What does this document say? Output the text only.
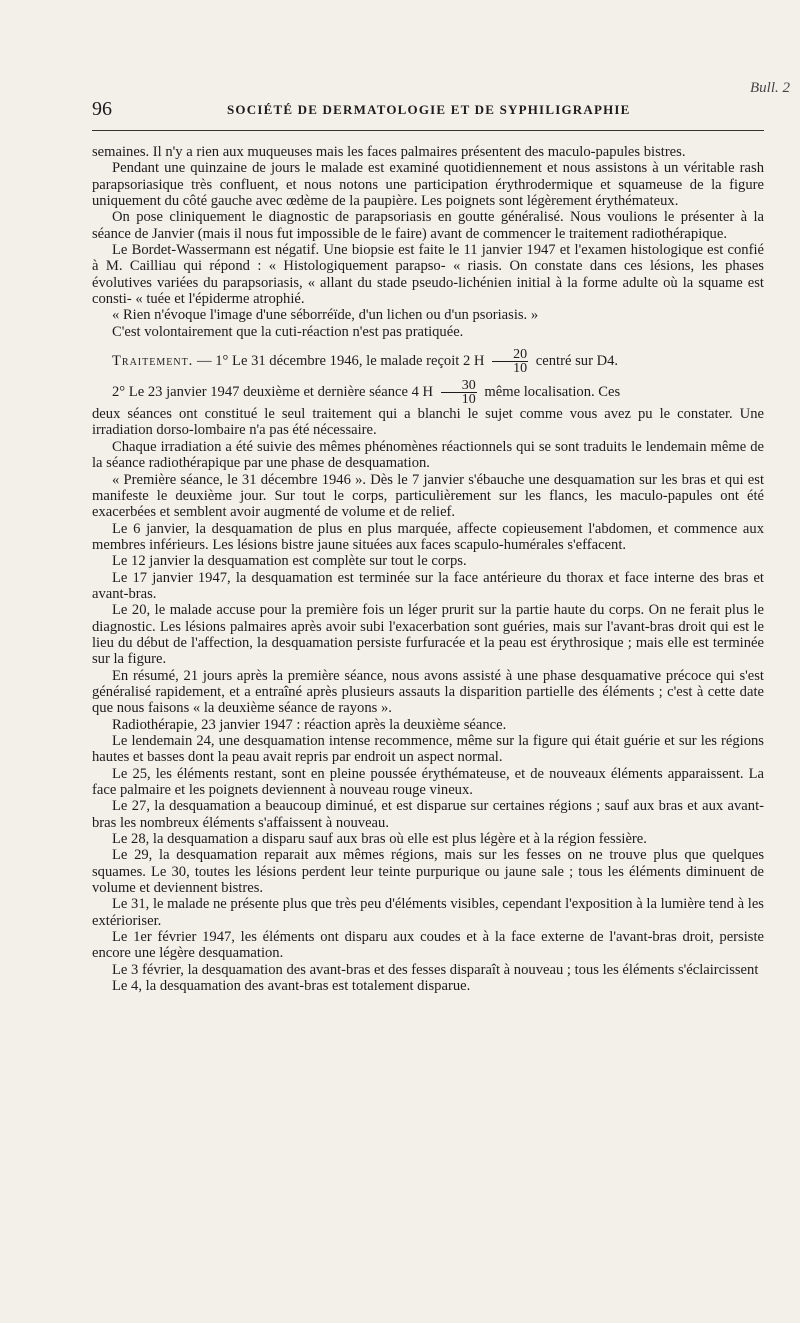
Bull. 2
96	SOCIÉTÉ DE DERMATOLOGIE ET DE SYPHILIGRAPHIE

semaines. Il n'y a rien aux muqueuses mais les faces palmaires présentent des maculo-papules bistres.

Pendant une quinzaine de jours le malade est examiné quotidiennement et nous assistons à un véritable rash parapsoriasique très confluent, et nous notons une participation érythrodermique et squameuse de la figure uniquement du côté gauche avec œdème de la paupière. Les poignets sont légèrement érythémateux.

On pose cliniquement le diagnostic de parapsoriasis en goutte généralisé. Nous voulions le présenter à la séance de Janvier (mais il nous fut impossible de le faire) avant de commencer le traitement radiothérapique.

Le Bordet-Wassermann est négatif. Une biopsie est faite le 11 janvier 1947 et l'examen histologique est confié à M. Cailliau qui répond : « Histologiquement parapso- « riasis. On constate dans ces lésions, les phases évolutives variées du parapsoriasis, « allant du stade pseudo-lichénien initial à la forme adulte où la squame est consti- « tuée et l'épiderme atrophié.

« Rien n'évoque l'image d'une séborréïde, d'un lichen ou d'un psoriasis. »

C'est volontairement que la cuti-réaction n'est pas pratiquée.

Traitement. — 1° Le 31 décembre 1946, le malade reçoit 2 H $\frac{20}{10}$ centré sur D4.

2° Le 23 janvier 1947 deuxième et dernière séance 4 H $\frac{30}{10}$ même localisation. Ces

deux séances ont constitué le seul traitement qui a blanchi le sujet comme vous avez pu le constater. Une irradiation dorso-lombaire n'a pas été nécessaire.

Chaque irradiation a été suivie des mêmes phénomènes réactionnels qui se sont traduits le lendemain même de la séance radiothérapique par une phase de desquamation.

« Première séance, le 31 décembre 1946 ». Dès le 7 janvier s'ébauche une desquamation sur les bras et qui est manifeste le deuxième jour. Sur tout le corps, particulièrement sur les flancs, les maculo-papules ont été exacerbées et semblent avoir augmenté de volume et de relief.

Le 6 janvier, la desquamation de plus en plus marquée, affecte copieusement l'abdomen, et commence aux membres inférieurs. Les lésions bistre jaune situées aux faces scapulo-humérales s'effacent.

Le 12 janvier la desquamation est complète sur tout le corps.

Le 17 janvier 1947, la desquamation est terminée sur la face antérieure du thorax et face interne des bras et avant-bras.

Le 20, le malade accuse pour la première fois un léger prurit sur la partie haute du corps. On ne ferait plus le diagnostic. Les lésions palmaires après avoir subi l'exacerbation sont guéries, mais sur l'avant-bras droit qui est le lieu du début de l'affection, la desquamation persiste furfuracée et la peau est érythrosique ; mais elle est terminée sur la figure.

En résumé, 21 jours après la première séance, nous avons assisté à une phase desquamative précoce qui s'est généralisé rapidement, et a entraîné après plusieurs assauts la disparition partielle des éléments ; c'est à cette date que nous faisons « la deuxième séance de rayons ».

Radiothérapie, 23 janvier 1947 : réaction après la deuxième séance.

Le lendemain 24, une desquamation intense recommence, même sur la figure qui était guérie et sur les régions hautes et basses dont la peau avait repris par endroit un aspect normal.

Le 25, les éléments restant, sont en pleine poussée érythémateuse, et de nouveaux éléments apparaissent. La face palmaire et les poignets deviennent à nouveau rouge vineux.

Le 27, la desquamation a beaucoup diminué, et est disparue sur certaines régions ; sauf aux bras et aux avant-bras les nombreux éléments s'affaissent à nouveau.

Le 28, la desquamation a disparu sauf aux bras où elle est plus légère et à la région fessière.

Le 29, la desquamation reparait aux mêmes régions, mais sur les fesses on ne trouve plus que quelques squames. Le 30, toutes les lésions perdent leur teinte purpurique ou jaune sale ; tous les éléments diminuent de volume et deviennent bistres.

Le 31, le malade ne présente plus que très peu d'éléments visibles, cependant l'exposition à la lumière tend à les extérioriser.

Le 1er février 1947, les éléments ont disparu aux coudes et à la face externe de l'avant-bras droit, persiste encore une légère desquamation.

Le 3 février, la desquamation des avant-bras et des fesses disparaît à nouveau ; tous les éléments s'éclaircissent

Le 4, la desquamation des avant-bras est totalement disparue.
